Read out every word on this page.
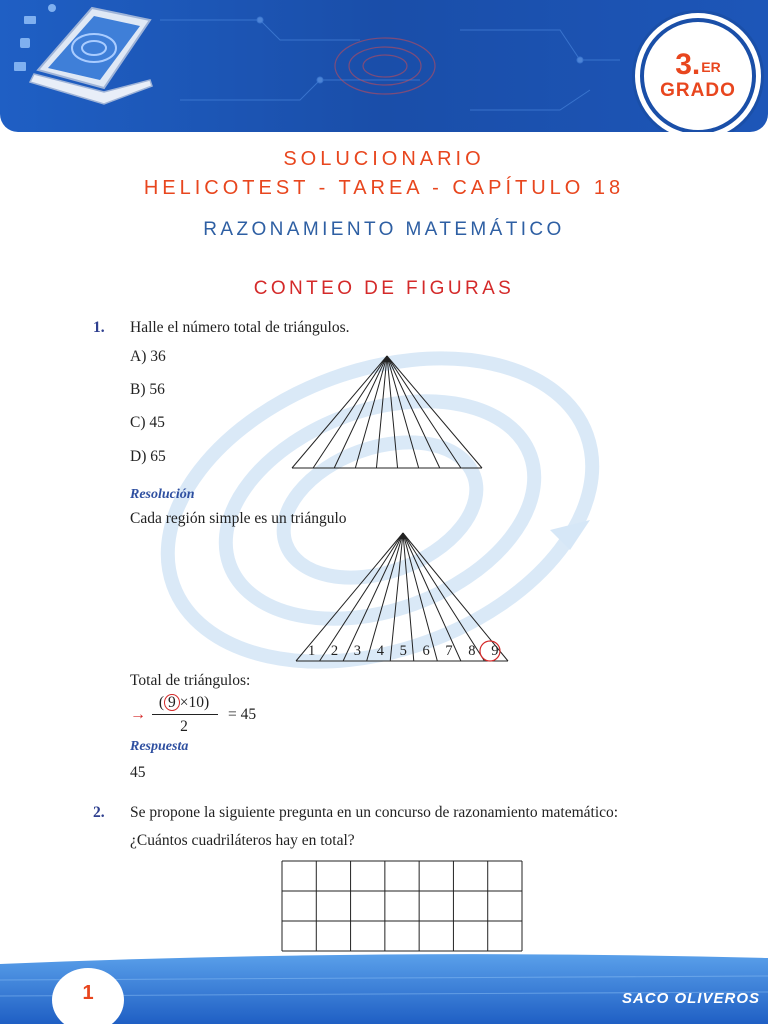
3.$^{ER}$
GRADO
SOLUCIONARIO
HELICOTEST - TAREA - CAPÍTULO 18
RAZONAMIENTO MATEMÁTICO
CONTEO DE FIGURAS
1. Halle el número total de triángulos.
A) 36
B) 56
C) 45
D) 65
Resolución
Cada región simple es un triángulo
1 2 3 4 5 6 7 8 9
Total de triángulos:
→
( 9 ×10)
2
= 45
Respuesta
45
2. Se propone la siguiente pregunta en un concurso de razonamiento matemático:
¿Cuántos cuadriláteros hay en total?
1	SACO OLIVEROS
